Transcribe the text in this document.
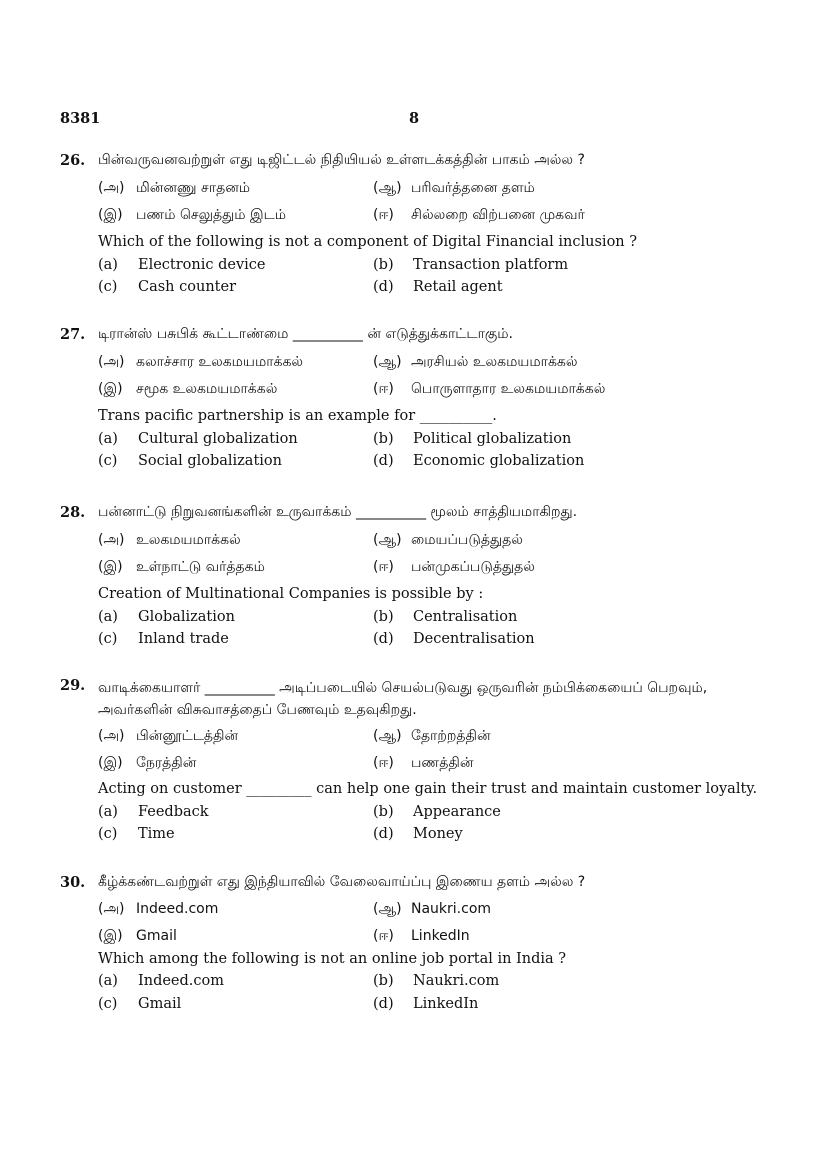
8381	8
26. பின்வருவனவற்றுள் எது டிஜிட்டல் நிதியியல் உள்ளடக்கத்தின் பாகம் அல்ல ?
(அ) மின்னணு சாதனம்	(ஆ) பரிவர்த்தனை தளம்
(இ) பணம் செலுத்தும் இடம்	(ஈ) சில்லறை விற்பனை முகவர்
Which of the following is not a component of Digital Financial inclusion ?
(a) Electronic device	(b) Transaction platform
(c) Cash counter	(d) Retail agent
27. டிரான்ஸ் பசுபிக் கூட்டாண்மை __________ ன் எடுத்துக்காட்டாகும்.
(அ) கலாச்சார உலகமயமாக்கல்	(ஆ) அரசியல் உலகமயமாக்கல்
(இ) சமூக உலகமயமாக்கல்	(ஈ) பொருளாதார உலகமயமாக்கல்
Trans pacific partnership is an example for __________.
(a) Cultural globalization	(b) Political globalization
(c) Social globalization	(d) Economic globalization
28. பன்னாட்டு நிறுவனங்களின் உருவாக்கம் __________ மூலம் சாத்தியமாகிறது.
(அ) உலகமயமாக்கல்	(ஆ) மையப்படுத்துதல்
(இ) உள்நாட்டு வர்த்தகம்	(ஈ) பன்முகப்படுத்துதல்
Creation of Multinational Companies is possible by :
(a) Globalization	(b) Centralisation
(c) Inland trade	(d) Decentralisation
29. வாடிக்கையாளர் __________ அடிப்படையில் செயல்படுவது ஒருவரின் நம்பிக்கையைப் பெறவும், அவர்களின் விசுவாசத்தைப் பேணவும் உதவுகிறது.
(அ) பின்னூட்டத்தின்	(ஆ) தோற்றத்தின்
(இ) நேரத்தின்	(ஈ) பணத்தின்
Acting on customer _________ can help one gain their trust and maintain customer loyalty.
(a) Feedback	(b) Appearance
(c) Time	(d) Money
30. கீழ்க்கண்டவற்றுள் எது இந்தியாவில் வேலைவாய்ப்பு இணைய தளம் அல்ல ?
(அ) Indeed.com	(ஆ) Naukri.com
(இ) Gmail	(ஈ) LinkedIn
Which among the following is not an online job portal in India ?
(a) Indeed.com	(b) Naukri.com
(c) Gmail	(d) LinkedIn
